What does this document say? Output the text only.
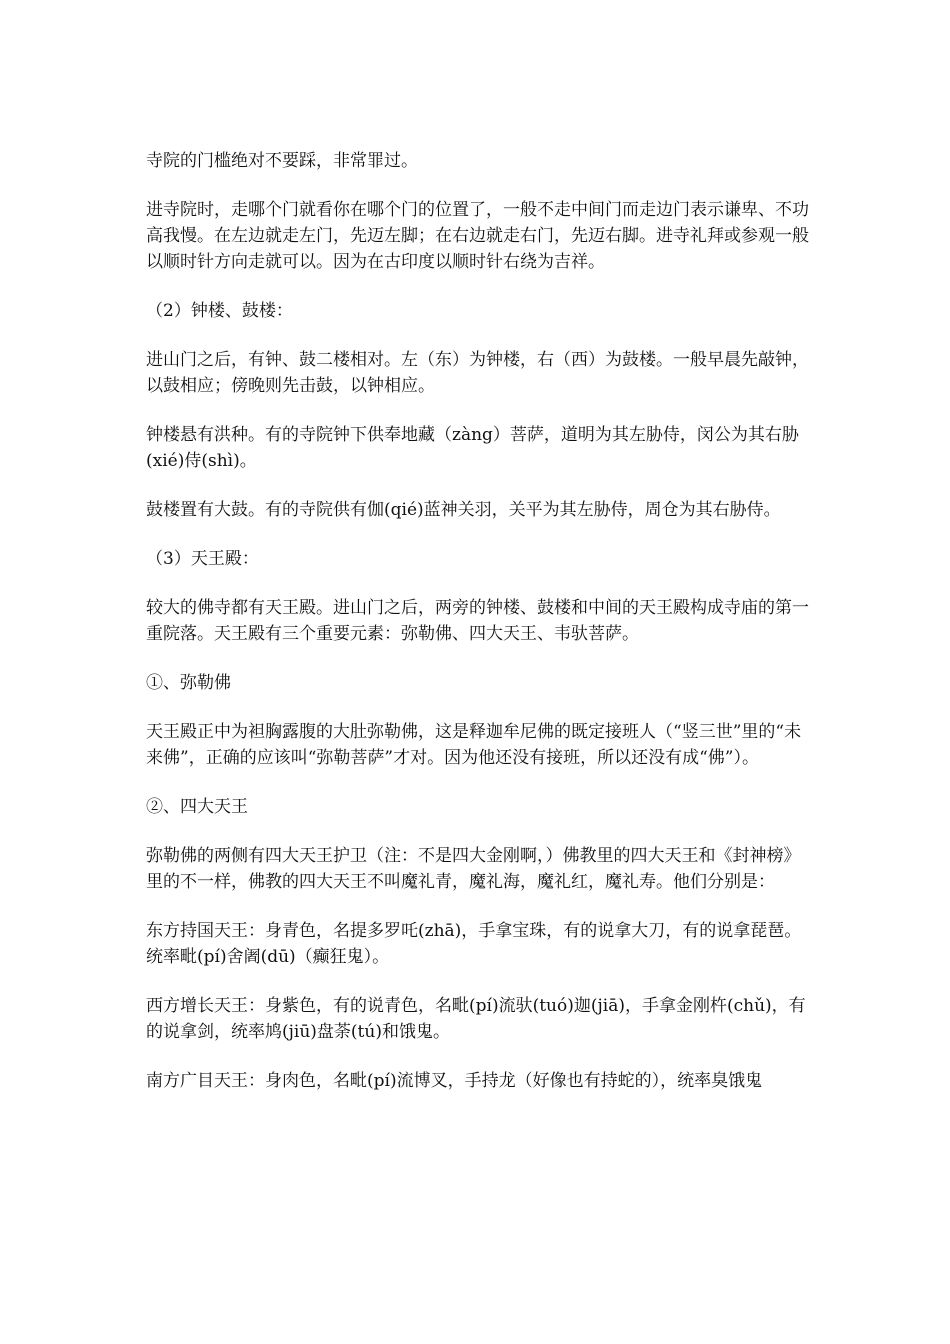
寺院的门槛绝对不要踩，非常罪过。

进寺院时，走哪个门就看你在哪个门的位置了，一般不走中间门而走边门表示谦卑、不功高我慢。在左边就走左门，先迈左脚；在右边就走右门，先迈右脚。进寺礼拜或参观一般以顺时针方向走就可以。因为在古印度以顺时针右绕为吉祥。

（2）钟楼、鼓楼：

进山门之后，有钟、鼓二楼相对。左（东）为钟楼，右（西）为鼓楼。一般早晨先敲钟，以鼓相应；傍晚则先击鼓，以钟相应。

钟楼悬有洪种。有的寺院钟下供奉地藏（zàng）菩萨，道明为其左胁侍，闵公为其右胁(xié)侍(shì)。

鼓楼置有大鼓。有的寺院供有伽(qié)蓝神关羽，关平为其左胁侍，周仓为其右胁侍。

（3）天王殿：

较大的佛寺都有天王殿。进山门之后，两旁的钟楼、鼓楼和中间的天王殿构成寺庙的第一重院落。天王殿有三个重要元素：弥勒佛、四大天王、韦驮菩萨。

①、弥勒佛

天王殿正中为袒胸露腹的大肚弥勒佛，这是释迦牟尼佛的既定接班人（“竖三世”里的“未来佛”，正确的应该叫“弥勒菩萨”才对。因为他还没有接班，所以还没有成“佛”）。

②、四大天王

弥勒佛的两侧有四大天王护卫（注：不是四大金刚啊，）佛教里的四大天王和《封神榜》里的不一样，佛教的四大天王不叫魔礼青，魔礼海，魔礼红，魔礼寿。他们分别是：

东方持国天王：身青色，名提多罗吒(zhā)，手拿宝珠，有的说拿大刀，有的说拿琵琶。统率毗(pí)舍阇(dū)（癫狂鬼）。

西方增长天王：身紫色，有的说青色，名毗(pí)流驮(tuó)迦(jiā)，手拿金刚杵(chǔ)，有的说拿剑，统率鸠(jiū)盘荼(tú)和饿鬼。

南方广目天王：身肉色，名毗(pí)流博叉，手持龙（好像也有持蛇的），统率臭饿鬼
